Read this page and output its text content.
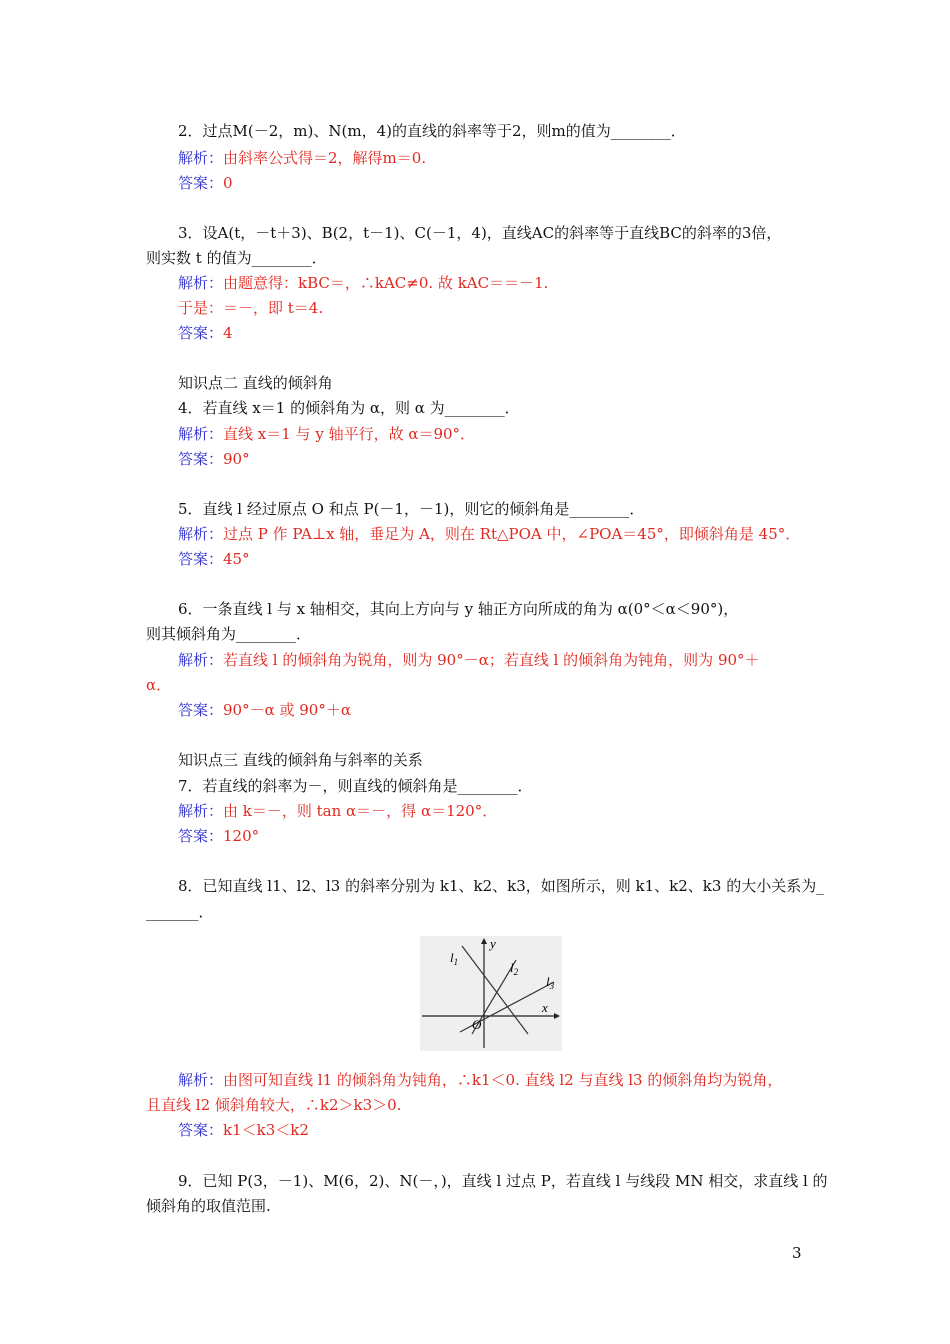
2．过点M(－2，m)、N(m，4)的直线的斜率等于2，则m的值为________．
解析：由斜率公式得＝2，解得m＝0.
答案：0
3．设A(t，－t＋3)、B(2，t－1)、C(－1，4)，直线AC的斜率等于直线BC的斜率的3倍，
则实数 t 的值为________．
解析：由题意得：kBC＝，∴kAC≠0. 故 kAC＝＝－1.
于是：＝－，即 t＝4.
答案：4
知识点二 直线的倾斜角
4．若直线 x＝1 的倾斜角为 α，则 α 为________．
解析：直线 x＝1 与 y 轴平行，故 α＝90°．
答案：90°
5．直线 l 经过原点 O 和点 P(－1，－1)，则它的倾斜角是________．
解析：过点 P 作 PA⊥x 轴，垂足为 A，则在 Rt△POA 中，∠POA＝45°，即倾斜角是 45°．
答案：45°
6．一条直线 l 与 x 轴相交，其向上方向与 y 轴正方向所成的角为 α(0°＜α＜90°)，
则其倾斜角为________．
解析：若直线 l 的倾斜角为锐角，则为 90°－α；若直线 l 的倾斜角为钝角，则为 90°＋
α．
答案：90°－α 或 90°＋α
知识点三 直线的倾斜角与斜率的关系
7．若直线的斜率为－，则直线的倾斜角是________．
解析：由 k＝－，则 tan α＝－，得 α＝120°．
答案：120°
8．已知直线 l1、l2、l3 的斜率分别为 k1、k2、k3，如图所示，则 k1、k2、k3 的大小关系为_
_______．
$l_1$	$l_2$
$l_3$
x
y
O
解析：由图可知直线 l1 的倾斜角为钝角，∴k1＜0. 直线 l2 与直线 l3 的倾斜角均为锐角，
且直线 l2 倾斜角较大，∴k2＞k3＞0.
答案：k1＜k3＜k2
9．已知 P(3，－1)、M(6，2)、N(－，)，直线 l 过点 P，若直线 l 与线段 MN 相交，求直线 l 的
倾斜角的取值范围.
3
